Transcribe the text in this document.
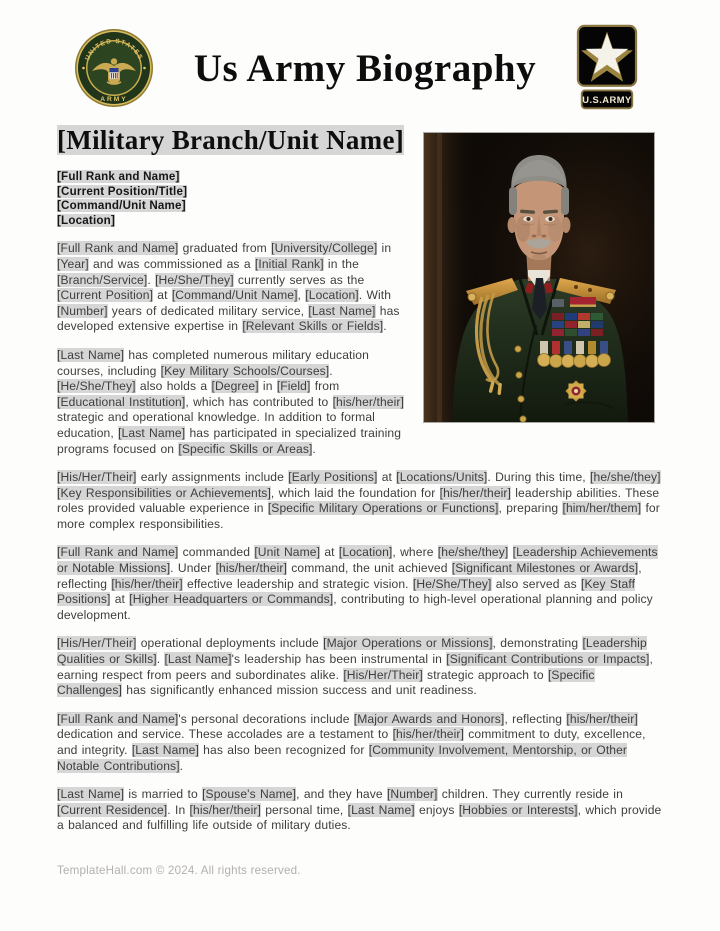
UNITED STATES
ARMY
Us Army Biography
U.S.ARMY
[Military Branch/Unit Name]
[Full Rank and Name]
[Current Position/Title]
[Command/Unit Name]
[Location]

[Full Rank and Name] graduated from [University/College] in [Year] and was commissioned as a [Initial Rank] in the [Branch/Service]. [He/She/They] currently serves as the [Current Position] at [Command/Unit Name], [Location]. With [Number] years of dedicated military service, [Last Name] has developed extensive expertise in [Relevant Skills or Fields].

[Last Name] has completed numerous military education courses, including [Key Military Schools/Courses]. [He/She/They] also holds a [Degree] in [Field] from [Educational Institution], which has contributed to [his/her/their] strategic and operational knowledge. In addition to formal education, [Last Name] has participated in specialized training programs focused on [Specific Skills or Areas].

[His/Her/Their] early assignments include [Early Positions] at [Locations/Units]. During this time, [he/she/they] [Key Responsibilities or Achievements], which laid the foundation for [his/her/their] leadership abilities. These roles provided valuable experience in [Specific Military Operations or Functions], preparing [him/her/them] for more complex responsibilities.

[Full Rank and Name] commanded [Unit Name] at [Location], where [he/she/they] [Leadership Achievements or Notable Missions]. Under [his/her/their] command, the unit achieved [Significant Milestones or Awards], reflecting [his/her/their] effective leadership and strategic vision. [He/She/They] also served as [Key Staff Positions] at [Higher Headquarters or Commands], contributing to high-level operational planning and policy development.

[His/Her/Their] operational deployments include [Major Operations or Missions], demonstrating [Leadership Qualities or Skills]. [Last Name]'s leadership has been instrumental in [Significant Contributions or Impacts], earning respect from peers and subordinates alike. [His/Her/Their] strategic approach to [Specific Challenges] has significantly enhanced mission success and unit readiness.

[Full Rank and Name]'s personal decorations include [Major Awards and Honors], reflecting [his/her/their] dedication and service. These accolades are a testament to [his/her/their] commitment to duty, excellence, and integrity. [Last Name] has also been recognized for [Community Involvement, Mentorship, or Other Notable Contributions].

[Last Name] is married to [Spouse's Name], and they have [Number] children. They currently reside in [Current Residence]. In [his/her/their] personal time, [Last Name] enjoys [Hobbies or Interests], which provide a balanced and fulfilling life outside of military duties.

TemplateHall.com © 2024. All rights reserved.
